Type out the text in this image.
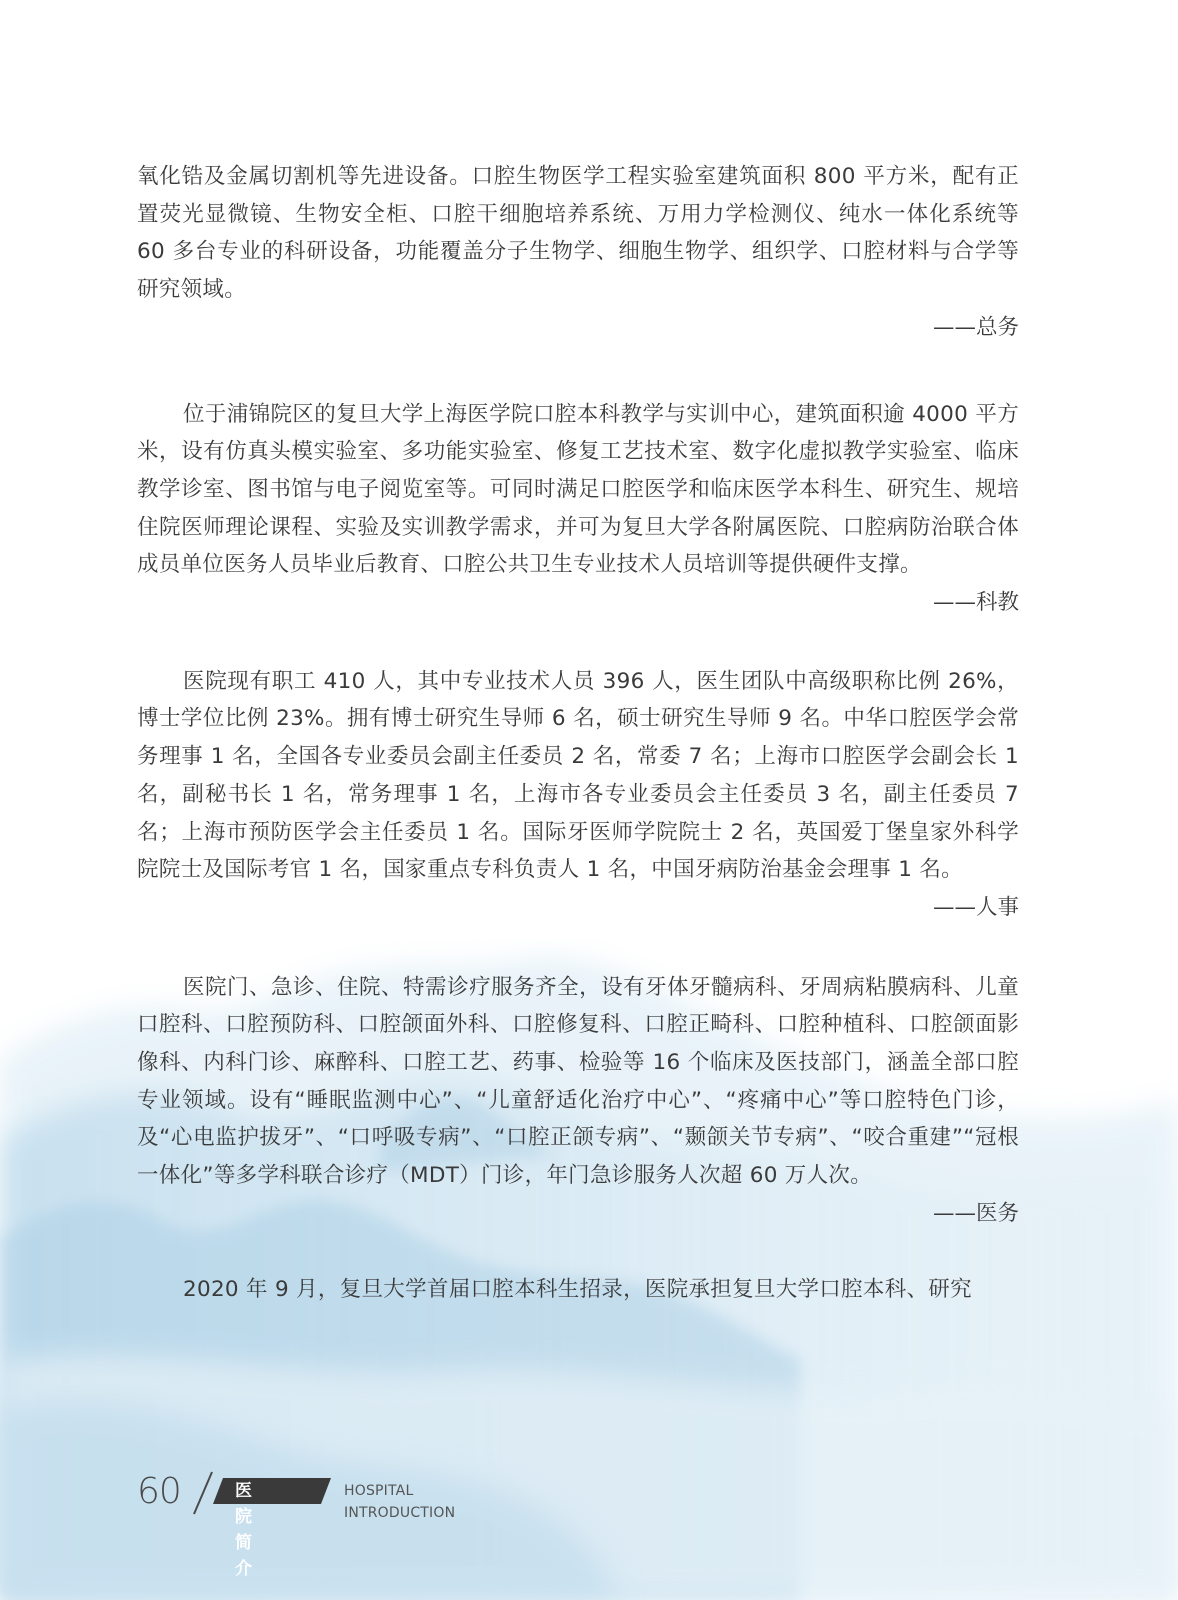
氧化锆及金属切割机等先进设备。口腔生物医学工程实验室建筑面积 800 平方米，配有正置荧光显微镜、生物安全柜、口腔干细胞培养系统、万用力学检测仪、纯水一体化系统等 60 多台专业的科研设备，功能覆盖分子生物学、细胞生物学、组织学、口腔材料与合学等研究领域。

——总务

位于浦锦院区的复旦大学上海医学院口腔本科教学与实训中心，建筑面积逾 4000 平方米，设有仿真头模实验室、多功能实验室、修复工艺技术室、数字化虚拟教学实验室、临床教学诊室、图书馆与电子阅览室等。可同时满足口腔医学和临床医学本科生、研究生、规培住院医师理论课程、实验及实训教学需求，并可为复旦大学各附属医院、口腔病防治联合体成员单位医务人员毕业后教育、口腔公共卫生专业技术人员培训等提供硬件支撑。

——科教

医院现有职工 410 人，其中专业技术人员 396 人，医生团队中高级职称比例 26%，博士学位比例 23%。拥有博士研究生导师 6 名，硕士研究生导师 9 名。中华口腔医学会常务理事 1 名，全国各专业委员会副主任委员 2 名，常委 7 名；上海市口腔医学会副会长 1 名，副秘书长 1 名，常务理事 1 名，上海市各专业委员会主任委员 3 名，副主任委员 7 名；上海市预防医学会主任委员 1 名。国际牙医师学院院士 2 名，英国爱丁堡皇家外科学院院士及国际考官 1 名，国家重点专科负责人 1 名，中国牙病防治基金会理事 1 名。

——人事

医院门、急诊、住院、特需诊疗服务齐全，设有牙体牙髓病科、牙周病粘膜病科、儿童口腔科、口腔预防科、口腔颌面外科、口腔修复科、口腔正畸科、口腔种植科、口腔颌面影像科、内科门诊、麻醉科、口腔工艺、药事、检验等 16 个临床及医技部门，涵盖全部口腔专业领域。设有“睡眠监测中心”、“儿童舒适化治疗中心”、“疼痛中心”等口腔特色门诊，及“心电监护拔牙”、“口呼吸专病”、“口腔正颌专病”、“颞颌关节专病”、“咬合重建”“冠根一体化”等多学科联合诊疗（MDT）门诊，年门急诊服务人次超 60 万人次。

——医务

2020 年 9 月，复旦大学首届口腔本科生招录，医院承担复旦大学口腔本科、研究

60	医院简介
HOSPITAL INTRODUCTION
